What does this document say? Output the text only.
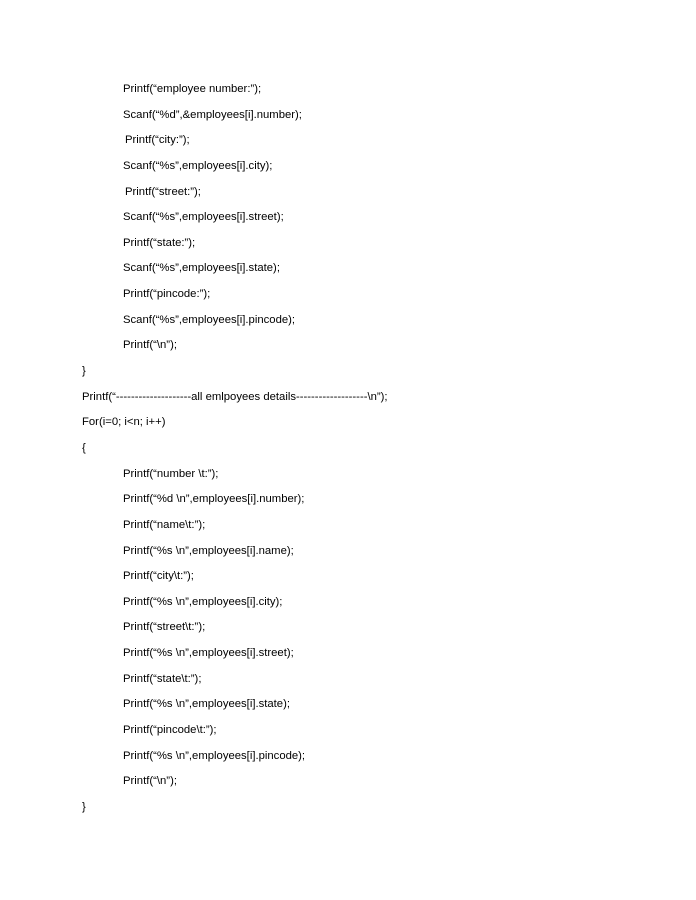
Printf(“employee number:”);
Scanf(“%d”,&employees[i].number);
Printf(“city:”);
Scanf(“%s”,employees[i].city);
Printf(“street:”);
Scanf(“%s”,employees[i].street);
Printf(“state:”);
Scanf(“%s”,employees[i].state);
Printf(“pincode:”);
Scanf(“%s”,employees[i].pincode);
Printf(“\n”);
}
Printf(“--------------------all emlpoyees details-------------------\n”);
For(i=0; i<n; i++)
{
Printf(“number \t:”);
Printf(“%d \n”,employees[i].number);
Printf(“name\t:”);
Printf(“%s \n”,employees[i].name);
Printf(“city\t:”);
Printf(“%s \n”,employees[i].city);
Printf(“street\t:”);
Printf(“%s \n”,employees[i].street);
Printf(“state\t:”);
Printf(“%s \n”,employees[i].state);
Printf(“pincode\t:”);
Printf(“%s \n”,employees[i].pincode);
Printf(“\n”);
}
